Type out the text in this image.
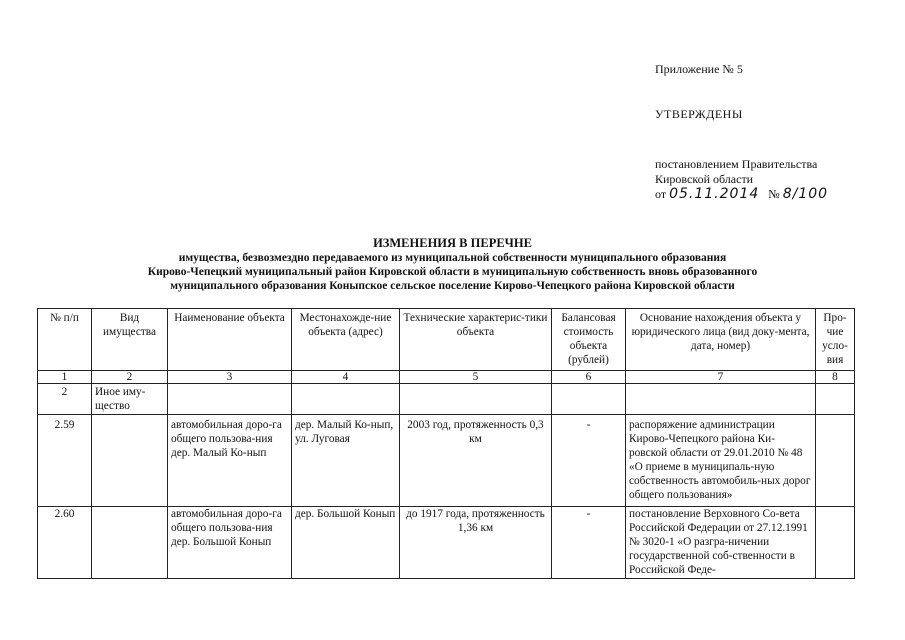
Приложение № 5
УТВЕРЖДЕНЫ
постановлением Правительства
Кировской области
от 05.11.2014 № 8/100
ИЗМЕНЕНИЯ В ПЕРЕЧНЕ
имущества, безвозмездно передаваемого из муниципальной собственности муниципального образования
Кирово-Чепецкий муниципальный район Кировской области в муниципальную собственность вновь образованного
муниципального образования Коныпское сельское поселение Кирово-Чепецкого района Кировской области
№ п/п	Вид имущества	Наименование объекта	Местонахожде-ние объекта (адрес)	Технические характерис-тики объекта	Балансовая стоимость объекта (рублей)	Основание нахождения объекта у юридического лица (вид доку-мента, дата, номер)	Про-чие усло-вия
1	2	3	4	5	6	7	8
2	Иное иму-щество						
2.59		автомобильная доро-га общего пользова-ния дер. Малый Ко-нып	дер. Малый Ко-нып, ул. Луговая	2003 год, протяженность 0,3 км	-	распоряжение администрации Кирово-Чепецкого района Ки-ровской области от 29.01.2010 № 48 «О приеме в муниципаль-ную собственность автомобиль-ных дорог общего пользования»	
2.60		автомобильная доро-га общего пользова-ния дер. Большой Конып	дер. Большой Конып	до 1917 года, протяженность 1,36 км	-	постановление Верховного Со-вета Российской Федерации от 27.12.1991 № 3020-1 «О разгра-ничении государственной соб-ственности в Российской Феде-	
